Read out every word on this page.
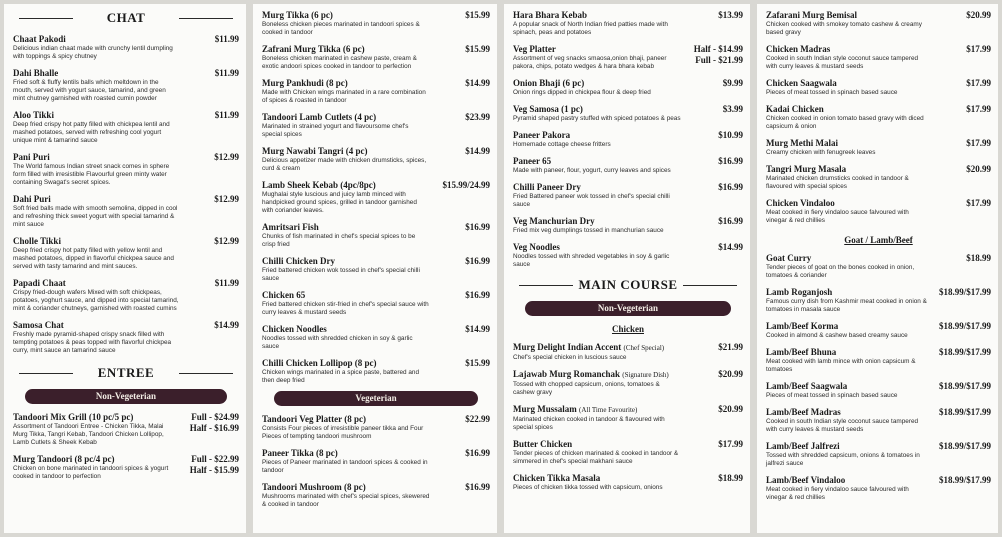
CHAT
Chaat Pakodi	$11.99
Delicious indian chaat made with crunchy lentil dumpling with toppings & spicy chutney
Dahi Bhalle	$11.99
Fried soft & fluffy lentils balls which meltdown in the mouth, served with yogurt sauce, tamarind, and green mint chutney garnished with roasted cumin powder
Aloo Tikki	$11.99
Deep fried crispy hot patty filled with chickpea lentil and mashed potatoes, served with refreshing cool yogurt unique mint & tamarind sauce
Pani Puri	$12.99
The World famous Indian street snack comes in sphere form filled with irresistible Flavourful green minty water containing Swagat's secret spices.
Dahi Puri	$12.99
Soft fried balls made with smooth semolina, dipped in cool and refreshing thick sweet yogurt with special tamarind & mint sauce
Cholle Tikki	$12.99
Deep fried crispy hot patty filled with yellow lentil and mashed potatoes, dipped in flavorful chickpea sauce and served with tasty tamarind and mint sauces.
Papadi Chaat	$11.99
Crispy fried-dough wafers Mixed with soft chickpeas, potatoes, yoghurt sauce, and dipped into special tamarind, mint & coriander chutneys, garnished with roasted cumins
Samosa Chat	$14.99
Freshly made pyramid-shaped crispy snack filled with tempting potatoes & peas topped with flavorful chickpea curry, mint sauce an tamarind sauce
ENTREE
Non-Vegeterian
Tandoori Mix Grill (10 pc/5 pc)	Full - $24.99
Half - $16.99
Assortment of Tandoori Entree - Chicken Tikka, Malai Murg Tikka, Tangri Kebab, Tandoori Chicken Lollipop, Lamb Cutlets & Sheek Kebab
Murg Tandoori (8 pc/4 pc)	Full - $22.99
Half - $15.99
Chicken on bone marinated in tandoori spices & yogurt cooked in tandoor to perfection
Murg Tikka (6 pc)	$15.99
Boneless chicken pieces marinated in tandoori spices & cooked in tandoor
Zafrani Murg Tikka (6 pc)	$15.99
Boneless chicken marinated in cashew paste, cream & exotic andoori spices cooked in tandoor to perfection
Murg Pankhudi (8 pc)	$14.99
Made with Chicken wings marinated in a rare combination of spices & roasted in tandoor
Tandoori Lamb Cutlets (4 pc)	$23.99
Marinated in strained yogurt and flavoursome chef's special spices
Murg Nawabi Tangri (4 pc)	$14.99
Delicious appetizer made with chicken drumsticks, spices, curd & cream
Lamb Sheek Kebab (4pc/8pc)	$15.99/24.99
Mughalai style luscious and juicy lamb minced with handpicked ground spices, grilled in tandoor garnished with coriander leaves.
Amritsari Fish	$16.99
Chunks of fish marinated in chef's special spices to be crisp fried
Chilli Chicken Dry	$16.99
Fried battered chicken wok tossed in chef's special chilli sauce
Chicken 65	$16.99
Fried battered chicken stir-fried in chef's special sauce with curry leaves & mustard seeds
Chicken Noodles	$14.99
Noodles tossed with shredded chicken in soy & garlic sauce
Chilli Chicken Lollipop (8 pc)	$15.99
Chicken wings marinated in a spice paste, battered and then deep fried
Vegeterian
Tandoori Veg Platter (8 pc)	$22.99
Consists Four pieces of irresistible paneer tikka and Four Pieces of tempting tandoori mushroom
Paneer Tikka (8 pc)	$16.99
Pieces of Paneer marinated in tandoori spices & cooked in tandoor
Tandoori Mushroom (8 pc)	$16.99
Mushrooms marinated with chef's special spices, skewered & cooked in tandoor
Hara Bhara Kebab	$13.99
A popular snack of North Indian fried patties made with spinach, peas and potatoes
Veg Platter	Half - $14.99
Full - $21.99
Assortment of veg snacks smaosa,onion bhaji, paneer pakora, chips, potato wedges & hara bhara kebab
Onion Bhaji (6 pc)	$9.99
Onion rings dipped in chickpea flour & deep fried
Veg Samosa (1 pc)	$3.99
Pyramid shaped pastry stuffed with spiced potatoes & peas
Paneer Pakora	$10.99
Homemade cottage cheese fritters
Paneer 65	$16.99
Made with paneer, flour, yogurt, curry leaves and spices
Chilli Paneer Dry	$16.99
Fried Battered paneer wok tossed in chef's special chilli sauce
Veg Manchurian Dry	$16.99
Fried mix veg dumplings tossed in manchurian sauce
Veg Noodles	$14.99
Noodles tossed with shreded vegetables in soy & garlic sauce
MAIN COURSE
Non-Vegeterian
Chicken
Murg Delight Indian Accent (Chef Special)	$21.99
Chef's special chicken in luscious sauce
Lajawab Murg Romanchak (Signature Dish)	$20.99
Tossed with chopped capsicum, onions, tomatoes & cashew gravy
Murg Mussalam (All Time Favourite)	$20.99
Marinated chicken cooked in tandoor & flavoured with special spices
Butter Chicken	$17.99
Tender pieces of chicken marinated & cooked in tandoor & simmered in chef's special makhani sauce
Chicken Tikka Masala	$18.99
Pieces of chicken tikka tossed with capsicum, onions
Zafarani Murg Bemisal	$20.99
Chicken cooked with smokey tomato cashew & creamy based gravy
Chicken Madras	$17.99
Cooked in south Indian style coconut sauce tampered with curry leaves & mustard seeds
Chicken Saagwala	$17.99
Pieces of meat tossed in spinach based sauce
Kadai Chicken	$17.99
Chicken cooked in onion tomato based gravy with diced capsicum & onion
Murg Methi Malai	$17.99
Creamy chicken with fenugreek leaves
Tangri Murg Masala	$20.99
Marinated chicken drumsticks cooked in tandoor & flavoured with special spices
Chicken Vindaloo	$17.99
Meat cooked in fiery vindaloo sauce falvoured with vinegar & red chillies
Goat / Lamb/Beef
Goat Curry	$18.99
Tender pieces of goat on the bones cooked in onion, tomatoes & coriander
Lamb Roganjosh	$18.99/$17.99
Famous curry dish from Kashmir meat cooked in onion & tomatoes in masala sauce
Lamb/Beef Korma	$18.99/$17.99
Cooked in almond & cashew based creamy sauce
Lamb/Beef Bhuna	$18.99/$17.99
Meat cooked with lamb mince with onion capsicum & tomatoes
Lamb/Beef Saagwala	$18.99/$17.99
Pieces of meat tossed in spinach based sauce
Lamb/Beef Madras	$18.99/$17.99
Cooked in south Indian style coconut sauce tampered with curry leaves & mustard seeds
Lamb/Beef Jalfrezi	$18.99/$17.99
Tossed with shredded capsicum, onions & tomatoes in jalfrezi sauce
Lamb/Beef Vindaloo	$18.99/$17.99
Meat cooked in fiery vindaloo sauce falvoured with vinegar & red chillies
